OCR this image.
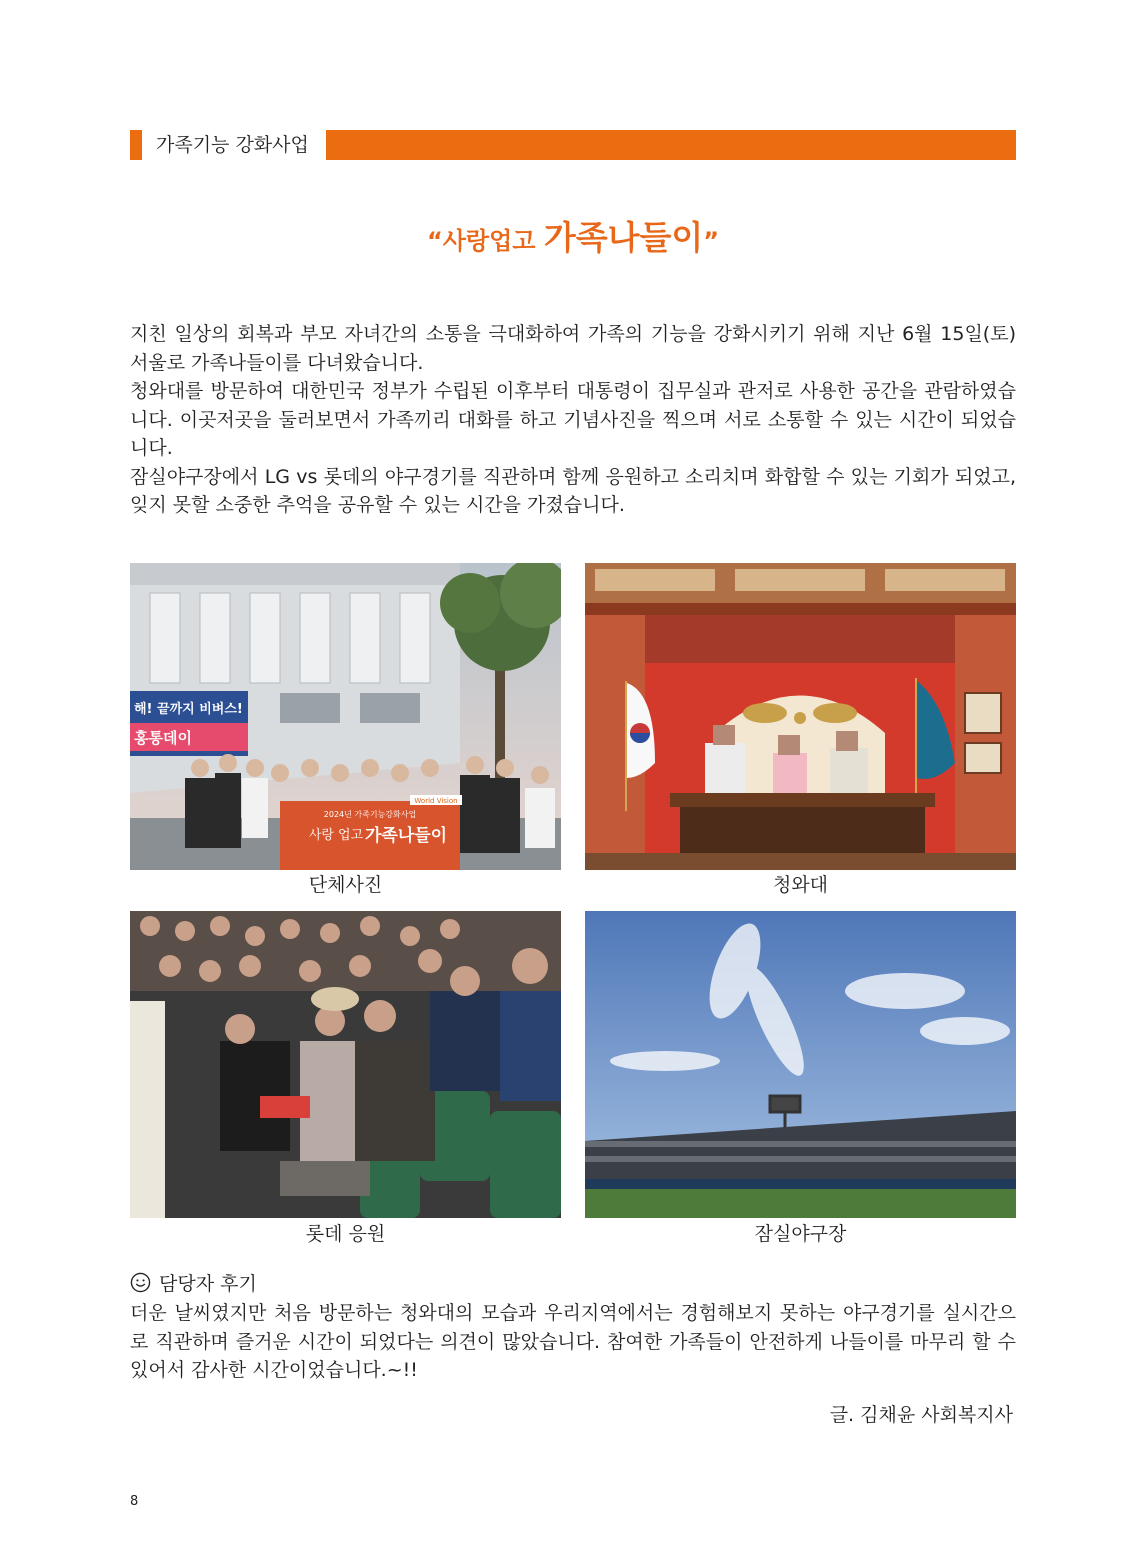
가족기능 강화사업
“사랑업고 가족나들이”

지친 일상의 회복과 부모 자녀간의 소통을 극대화하여 가족의 기능을 강화시키기 위해 지난 6월 15일(토) 서울로 가족나들이를 다녀왔습니다.

청와대를 방문하여 대한민국 정부가 수립된 이후부터 대통령이 집무실과 관저로 사용한 공간을 관람하였습니다. 이곳저곳을 둘러보면서 가족끼리 대화를 하고 기념사진을 찍으며 서로 소통할 수 있는 시간이 되었습니다.

잠실야구장에서 LG vs 롯데의 야구경기를 직관하며 함께 응원하고 소리치며 화합할 수 있는 기회가 되었고, 잊지 못할 소중한 추억을 공유할 수 있는 시간을 가졌습니다.

해! 끝까지 비벼스!
홍통데이
2024년 가족기능강화사업
사랑 업고 가족나들이
World Vision
단체사진	청와대
롯데 응원	잠실야구장
담당자 후기

더운 날씨였지만 처음 방문하는 청와대의 모습과 우리지역에서는 경험해보지 못하는 야구경기를 실시간으로 직관하며 즐거운 시간이 되었다는 의견이 많았습니다. 참여한 가족들이 안전하게 나들이를 마무리 할 수 있어서 감사한 시간이었습니다.~!!

글. 김채윤 사회복지사
8
